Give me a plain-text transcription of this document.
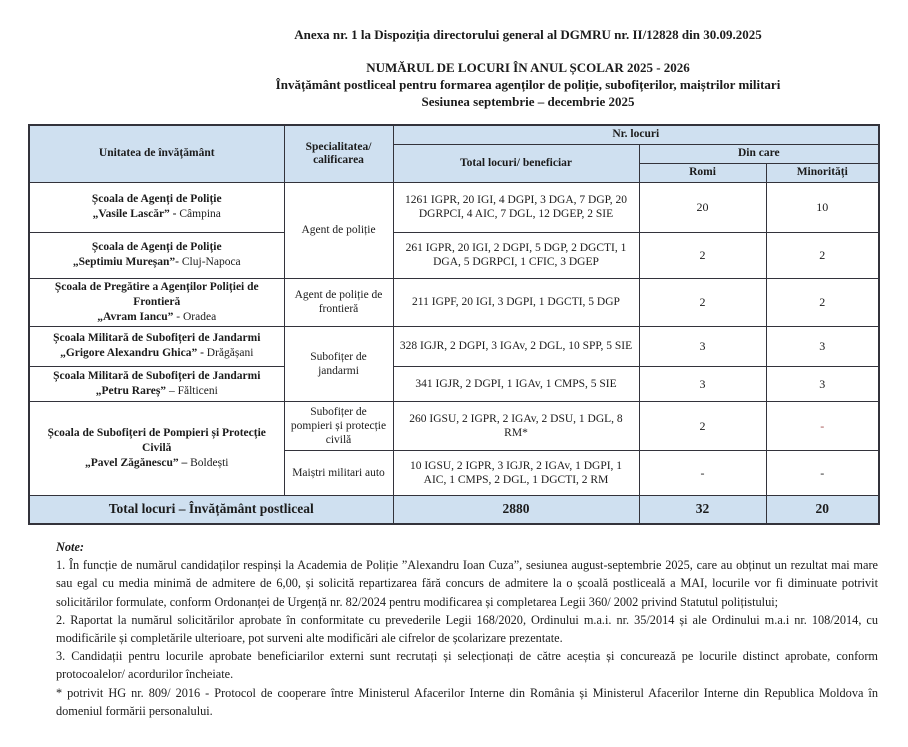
Anexa nr. 1 la Dispoziția directorului general al DGMRU nr. II/12828 din 30.09.2025
NUMĂRUL DE LOCURI ÎN ANUL ȘCOLAR 2025 - 2026
Învățământ postliceal pentru formarea agenților de poliție, subofițerilor, maiștrilor militari
Sesiunea septembrie – decembrie 2025
Unitatea de învățământ	Specialitatea/ calificarea	Nr. locuri		
		Total locuri/ beneficiar	Din care	
			Romi	Minorități

Școala de Agenți de Poliție
„Vasile Lascăr” - Câmpina	Agent de poliție	1261 IGPR, 20 IGI, 4 DGPI, 3 DGA, 7 DGP, 20 DGRPCI, 4 AIC, 7 DGL, 12 DGEP, 2 SIE	20	10

Școala de Agenți de Poliție
„Septimiu Mureșan”- Cluj-Napoca		261 IGPR, 20 IGI, 2 DGPI, 5 DGP, 2 DGCTI, 1 DGA, 5 DGRPCI, 1 CFIC, 3 DGEP	2	2

Școala de Pregătire a Agenților Poliției de Frontieră
„Avram Iancu” - Oradea	Agent de poliție de frontieră	211 IGPF, 20 IGI, 3 DGPI, 1 DGCTI, 5 DGP	2	2

Școala Militară de Subofițeri de Jandarmi
„Grigore Alexandru Ghica” - Drăgășani	Subofițer de jandarmi	328 IGJR, 2 DGPI, 3 IGAv, 2 DGL, 10 SPP, 5 SIE	3	3

Școala Militară de Subofițeri de Jandarmi
„Petru Rareș” – Fălticeni		341 IGJR, 2 DGPI, 1 IGAv, 1 CMPS, 5 SIE	3	3

Școala de Subofițeri de Pompieri și Protecție Civilă
„Pavel Zăgănescu” – Boldești	Subofițer de pompieri și protecție civilă	260 IGSU, 2 IGPR, 2 IGAv, 2 DSU, 1 DGL, 8 RM*	2	-
	Maiștri militari auto	10 IGSU, 2 IGPR, 3 IGJR, 2 IGAv, 1 DGPI, 1 AIC, 1 CMPS, 2 DGL, 1 DGCTI, 2 RM	-	-
Total locuri – Învățământ postliceal		2880	32	20

Note:

1. În funcție de numărul candidaților respinși la Academia de Poliție ”Alexandru Ioan Cuza”, sesiunea august-septembrie 2025, care au obținut un rezultat mai mare sau egal cu media minimă de admitere de 6,00, și solicită repartizarea fără concurs de admitere la o școală postliceală a MAI, locurile vor fi diminuate potrivit solicitărilor formulate, conform Ordonanței de Urgență nr. 82/2024 pentru modificarea și completarea Legii 360/ 2002 privind Statutul polițistului;

2. Raportat la numărul solicitărilor aprobate în conformitate cu prevederile Legii 168/2020, Ordinului m.a.i. nr. 35/2014 și ale Ordinului m.a.i nr. 108/2014, cu modificările și completările ulterioare, pot surveni alte modificări ale cifrelor de școlarizare prezentate.

3. Candidații pentru locurile aprobate beneficiarilor externi sunt recrutați și selecționați de către aceștia și concurează pe locurile distinct aprobate, conform protocoalelor/ acordurilor încheiate.

* potrivit HG nr. 809/ 2016 - Protocol de cooperare între Ministerul Afacerilor Interne din România și Ministerul Afacerilor Interne din Republica Moldova în domeniul formării personalului.
